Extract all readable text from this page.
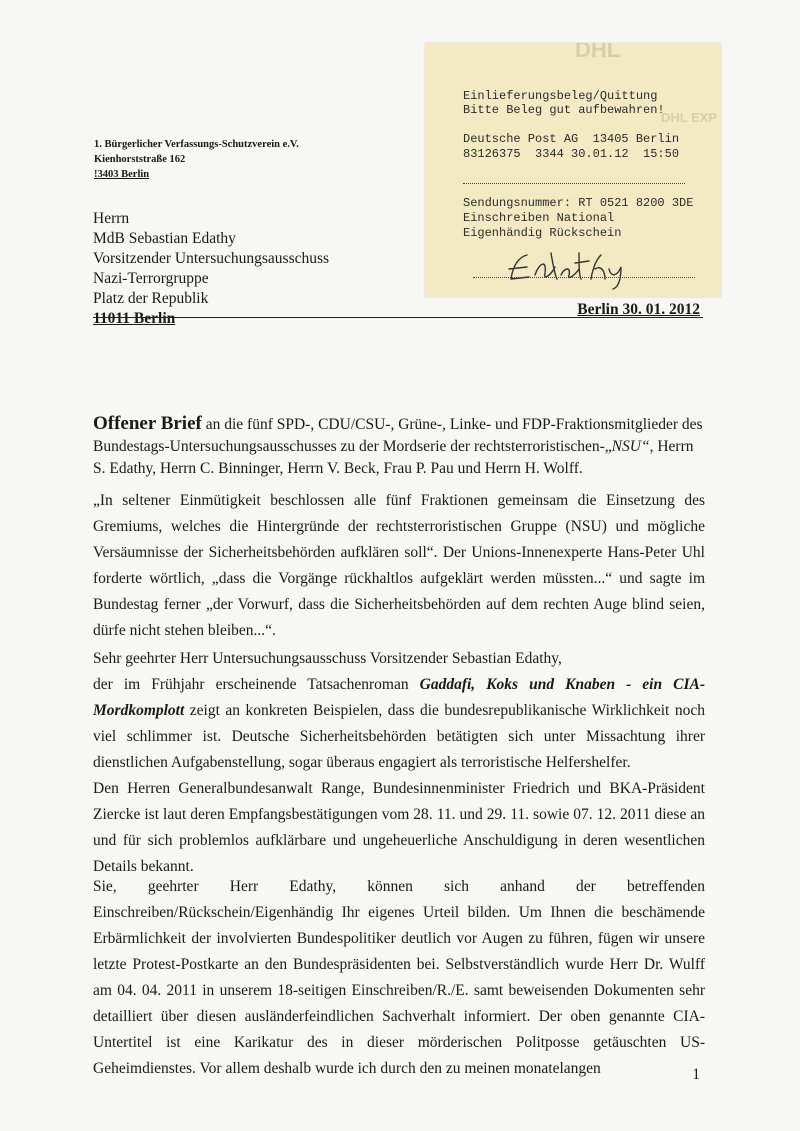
1. Bürgerlicher Verfassungs-Schutzverein e.V.
Kienhorststraße 162
!3403 Berlin
DHL
DHL EXP
Einlieferungsbeleg/Quittung
Bitte Beleg gut aufbewahren!
Deutsche Post AG  13405 Berlin
83126375  3344 30.01.12  15:50
Sendungsnummer: RT 0521 8200 3DE
Einschreiben National
Eigenhändig Rückschein
Herrn
MdB Sebastian Edathy
Vorsitzender Untersuchungsausschuss
Nazi-Terrorgruppe
Platz der Republik
11011 Berlin
Berlin 30. 01. 2012
Offener Brief an die fünf SPD-, CDU/CSU-, Grüne-, Linke- und FDP-Fraktionsmitglieder des Bundestags-Untersuchungsausschusses zu der Mordserie der rechtsterroristischen-„NSU“, Herrn S. Edathy, Herrn C. Binninger, Herrn V. Beck, Frau P. Pau und Herrn H. Wolff.
„In seltener Einmütigkeit beschlossen alle fünf Fraktionen gemeinsam die Einsetzung des Gremiums, welches die Hintergründe der rechtsterroristischen Gruppe (NSU) und mögliche Versäumnisse der Sicherheitsbehörden aufklären soll“. Der Unions-Innenexperte Hans-Peter Uhl forderte wörtlich, „dass die Vorgänge rückhaltlos aufgeklärt werden müssten...“ und sagte im Bundestag ferner „der Vorwurf, dass die Sicherheitsbehörden auf dem rechten Auge blind seien, dürfe nicht stehen bleiben...“.
Sehr geehrter Herr Untersuchungsausschuss Vorsitzender Sebastian Edathy,
der im Frühjahr erscheinende Tatsachenroman Gaddafi, Koks und Knaben - ein CIA-Mordkomplott zeigt an konkreten Beispielen, dass die bundesrepublikanische Wirklichkeit noch viel schlimmer ist. Deutsche Sicherheitsbehörden betätigten sich unter Missachtung ihrer dienstlichen Aufgabenstellung, sogar überaus engagiert als terroristische Helfershelfer.
Den Herren Generalbundesanwalt Range, Bundesinnenminister Friedrich und BKA-Präsident Ziercke ist laut deren Empfangsbestätigungen vom 28. 11. und 29. 11. sowie 07. 12. 2011 diese an und für sich problemlos aufklärbare und ungeheuerliche Anschuldigung in deren wesentlichen Details bekannt.
Sie, geehrter Herr Edathy, können sich anhand der betreffenden Einschreiben/Rückschein/Eigenhändig Ihr eigenes Urteil bilden. Um Ihnen die beschämende Erbärmlichkeit der involvierten Bundespolitiker deutlich vor Augen zu führen, fügen wir unsere letzte Protest-Postkarte an den Bundespräsidenten bei. Selbstverständlich wurde Herr Dr. Wulff am 04. 04. 2011 in unserem 18-seitigen Einschreiben/R./E. samt beweisenden Dokumenten sehr detailliert über diesen ausländerfeindlichen Sachverhalt informiert. Der oben genannte CIA-Untertitel ist eine Karikatur des in dieser mörderischen Politposse getäuschten US-Geheimdienstes. Vor allem deshalb wurde ich durch den zu meinen monatelangen	1
